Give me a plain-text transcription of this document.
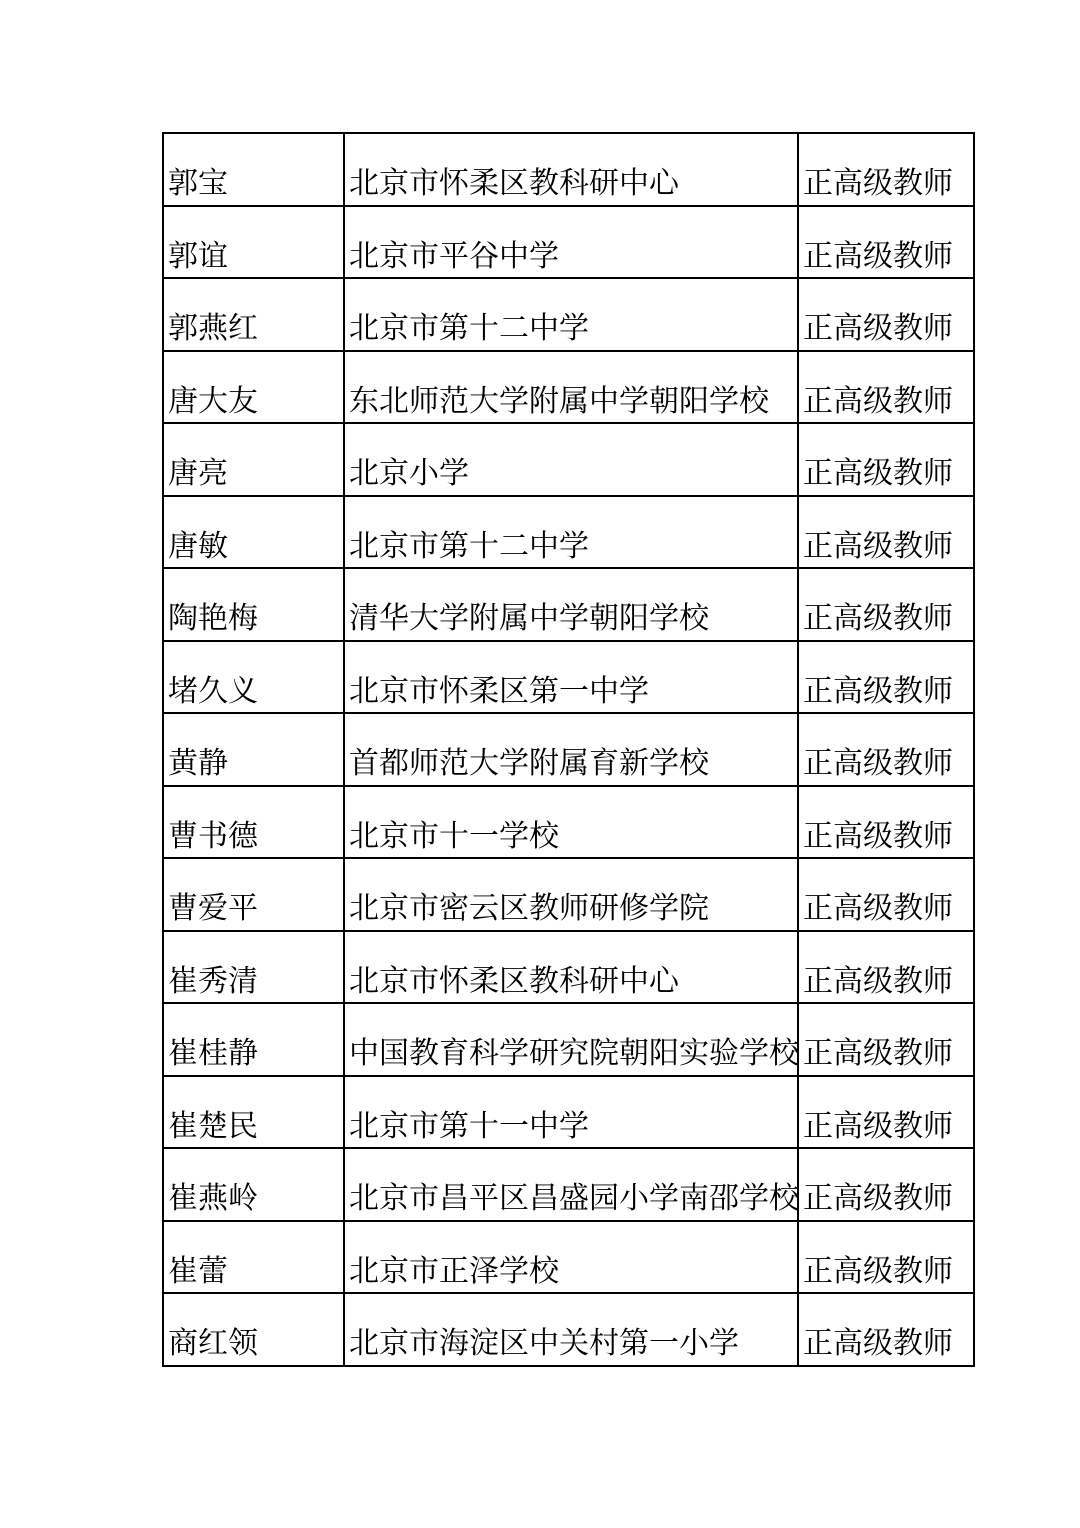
郭宝	北京市怀柔区教科研中心	正高级教师
郭谊	北京市平谷中学	正高级教师
郭燕红	北京市第十二中学	正高级教师
唐大友	东北师范大学附属中学朝阳学校	正高级教师
唐亮	北京小学	正高级教师
唐敏	北京市第十二中学	正高级教师
陶艳梅	清华大学附属中学朝阳学校	正高级教师
堵久义	北京市怀柔区第一中学	正高级教师
黄静	首都师范大学附属育新学校	正高级教师
曹书德	北京市十一学校	正高级教师
曹爱平	北京市密云区教师研修学院	正高级教师
崔秀清	北京市怀柔区教科研中心	正高级教师
崔桂静	中国教育科学研究院朝阳实验学校	正高级教师
崔楚民	北京市第十一中学	正高级教师
崔燕岭	北京市昌平区昌盛园小学南邵学校	正高级教师
崔蕾	北京市正泽学校	正高级教师
商红领	北京市海淀区中关村第一小学	正高级教师
